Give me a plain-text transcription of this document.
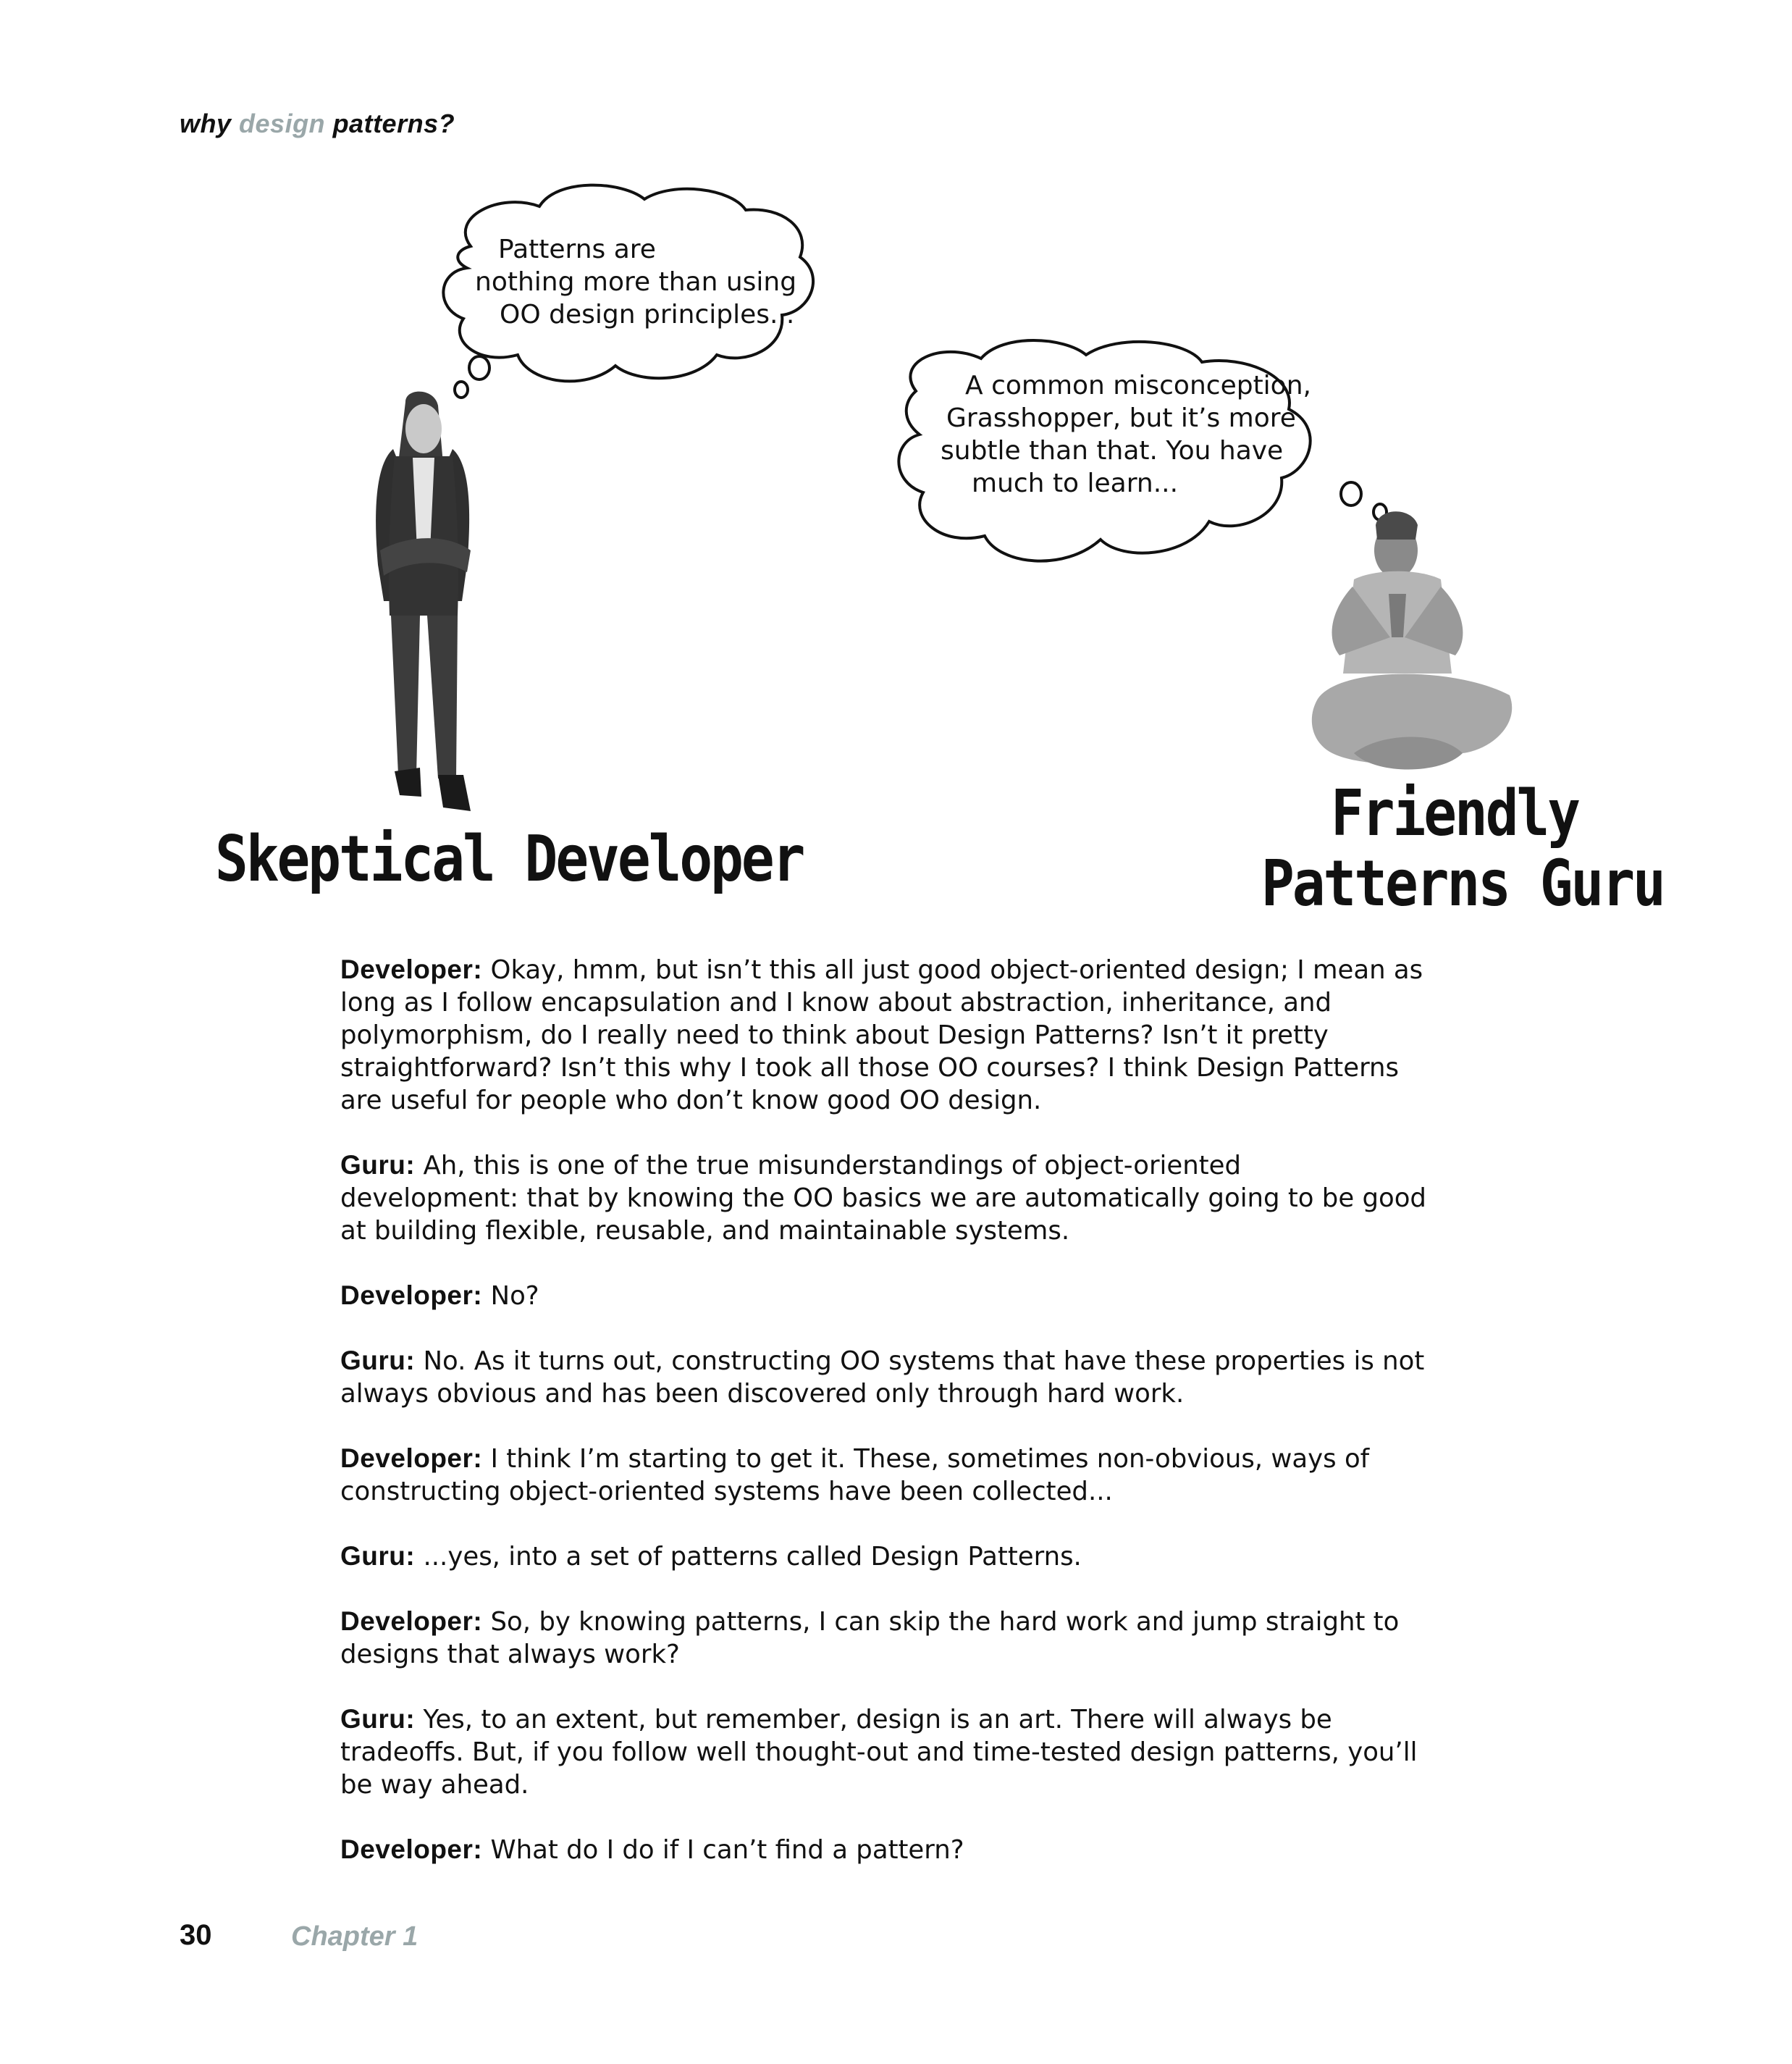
why design patterns?
Patterns are
nothing more than using
OO design principles...
A common misconception,
Grasshopper, but it’s more
subtle than that. You have
much to learn...
Skeptical Developer
Friendly
Patterns Guru

Developer: Okay, hmm, but isn’t this all just good object-oriented design; I mean as long as I follow encapsulation and I know about abstraction, inheritance, and polymorphism, do I really need to think about Design Patterns? Isn’t it pretty straightforward? Isn’t this why I took all those OO courses? I think Design Patterns are useful for people who don’t know good OO design.

Guru: Ah, this is one of the true misunderstandings of object-oriented development: that by knowing the OO basics we are automatically going to be good at building flexible, reusable, and maintainable systems.

Developer: No?

Guru: No. As it turns out, constructing OO systems that have these properties is not always obvious and has been discovered only through hard work.

Developer: I think I’m starting to get it. These, sometimes non-obvious, ways of constructing object-oriented systems have been collected...

Guru: ...yes, into a set of patterns called Design Patterns.

Developer: So, by knowing patterns, I can skip the hard work and jump straight to designs that always work?

Guru: Yes, to an extent, but remember, design is an art. There will always be tradeoffs. But, if you follow well thought-out and time-tested design patterns, you’ll be way ahead.

Developer: What do I do if I can’t find a pattern?

30	Chapter 1
